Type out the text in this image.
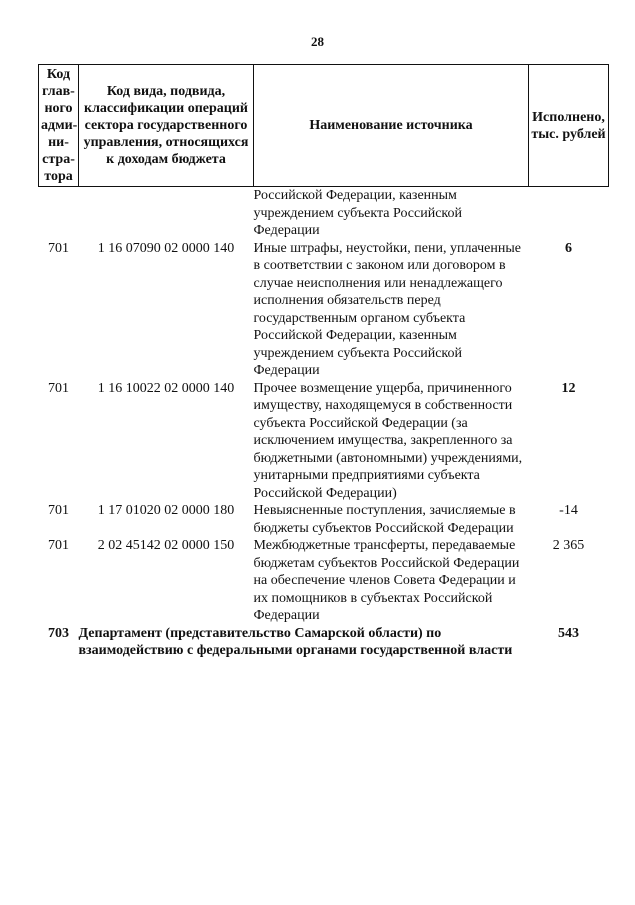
28
Код глав-ного адми-ни-стра-тора	Код вида, подвида, классификации операций сектора государственного управления, относящихся к доходам бюджета	Наименование источника	Исполнено, тыс. рублей
		Российской Федерации, казенным учреждением субъекта Российской Федерации	
701	1 16 07090 02 0000 140	Иные штрафы, неустойки, пени, уплаченные в соответствии с законом или договором в случае неисполнения или ненадлежащего исполнения обязательств перед государственным органом субъекта Российской Федерации, казенным учреждением субъекта Российской Федерации	6
701	1 16 10022 02 0000 140	Прочее возмещение ущерба, причиненного имуществу, находящемуся в собственности субъекта Российской Федерации (за исключением имущества, закрепленного за бюджетными (автономными) учреждениями, унитарными предприятиями субъекта Российской Федерации)	12
701	1 17 01020 02 0000 180	Невыясненные поступления, зачисляемые в бюджеты субъектов Российской Федерации	-14
701	2 02 45142 02 0000 150	Межбюджетные трансферты, передаваемые бюджетам субъектов Российской Федерации на обеспечение членов Совета Федерации и их помощников в субъектах Российской Федерации	2 365
703	Департамент (представительство Самарской области) по взаимодействию с федеральными органами государственной власти		543
